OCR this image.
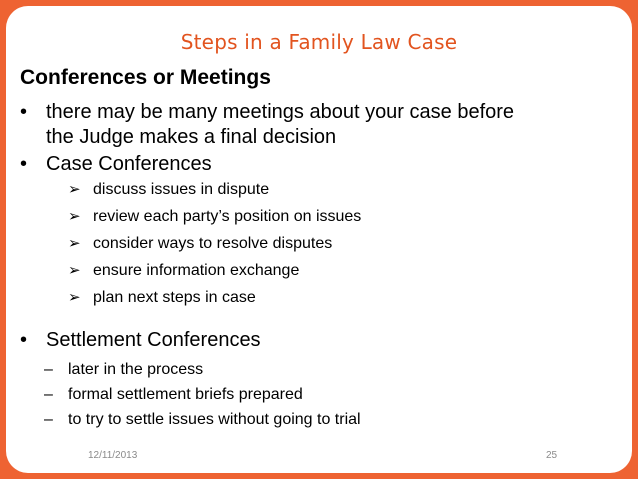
Steps in a Family Law Case
Conferences or Meetings
• there may be many meetings about your case before
the Judge makes a final decision
• Case Conferences
➢ discuss issues in dispute
➢ review each party’s position on issues
➢ consider ways to resolve disputes
➢ ensure information exchange
➢ plan next steps in case
• Settlement Conferences
– later in the process
– formal settlement briefs prepared
– to try to settle issues without going to trial
12/11/2013	25
